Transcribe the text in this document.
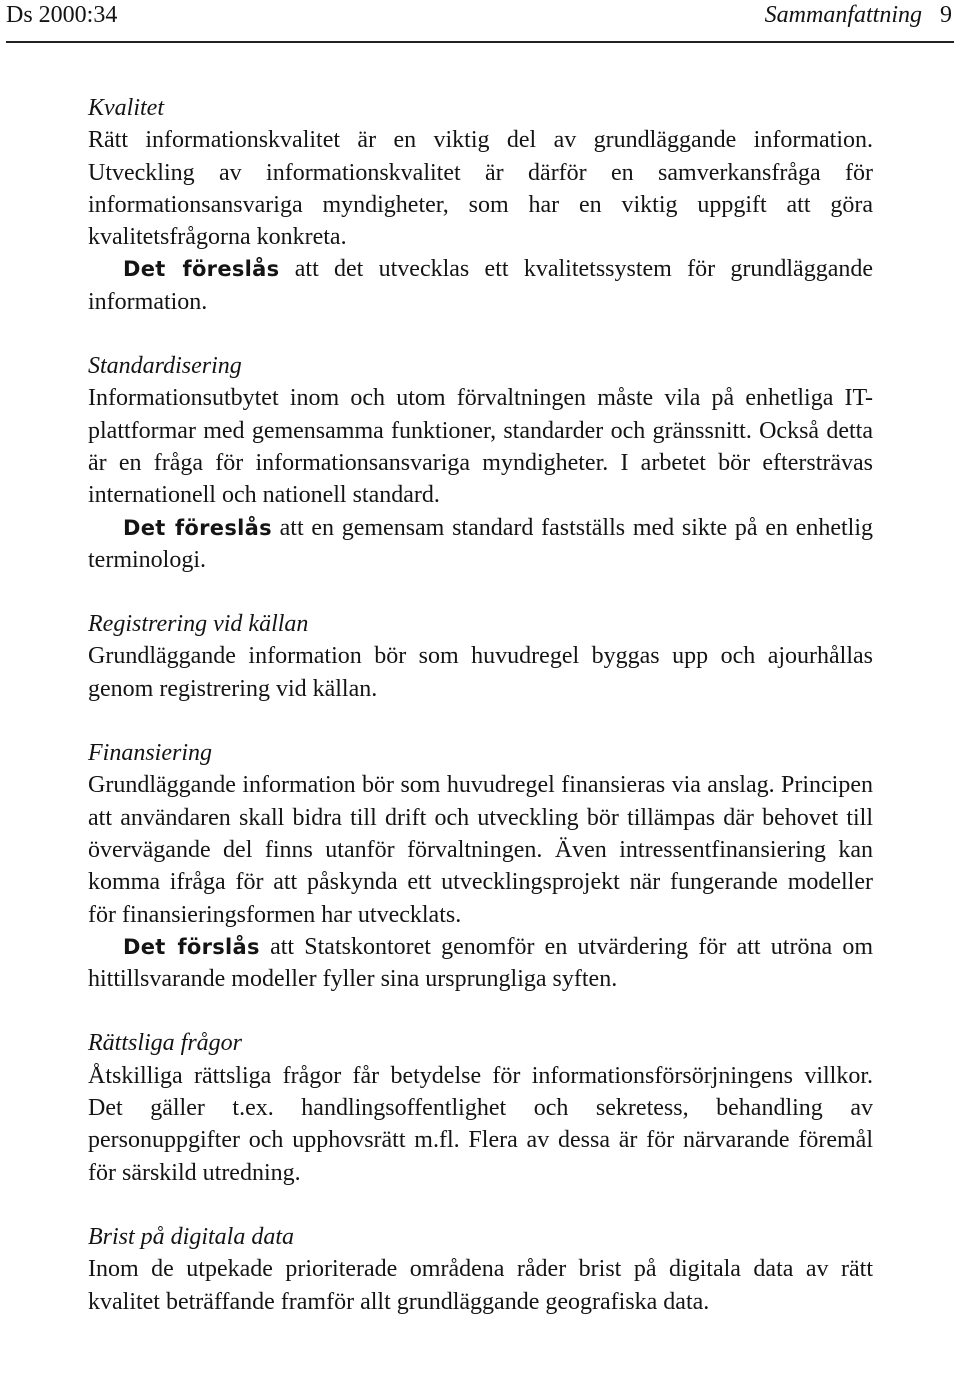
Ds 2000:34	Sammanfattning 9
Kvalitet
Rätt informationskvalitet är en viktig del av grundläggande information. Utveckling av informationskvalitet är därför en samverkansfråga för informationsansvariga myndigheter, som har en viktig uppgift att göra kvalitetsfrågorna konkreta.
Det föreslås att det utvecklas ett kvalitetssystem för grundläggande information.
Standardisering
Informationsutbytet inom och utom förvaltningen måste vila på enhetliga IT-plattformar med gemensamma funktioner, standarder och gränssnitt. Också detta är en fråga för informationsansvariga myndigheter. I arbetet bör eftersträvas internationell och nationell standard.
Det föreslås att en gemensam standard fastställs med sikte på en enhetlig terminologi.
Registrering vid källan
Grundläggande information bör som huvudregel byggas upp och ajourhållas genom registrering vid källan.
Finansiering
Grundläggande information bör som huvudregel finansieras via anslag. Principen att användaren skall bidra till drift och utveckling bör tillämpas där behovet till övervägande del finns utanför förvaltningen. Även intressentfinansiering kan komma ifråga för att påskynda ett utvecklingsprojekt när fungerande modeller för finansieringsformen har utvecklats.
Det förslås att Statskontoret genomför en utvärdering för att utröna om hittillsvarande modeller fyller sina ursprungliga syften.
Rättsliga frågor
Åtskilliga rättsliga frågor får betydelse för informationsförsörjningens villkor. Det gäller t.ex. handlingsoffentlighet och sekretess, behandling av personuppgifter och upphovsrätt m.fl. Flera av dessa är för närvarande föremål för särskild utredning.
Brist på digitala data
Inom de utpekade prioriterade områdena råder brist på digitala data av rätt kvalitet beträffande framför allt grundläggande geografiska data.
